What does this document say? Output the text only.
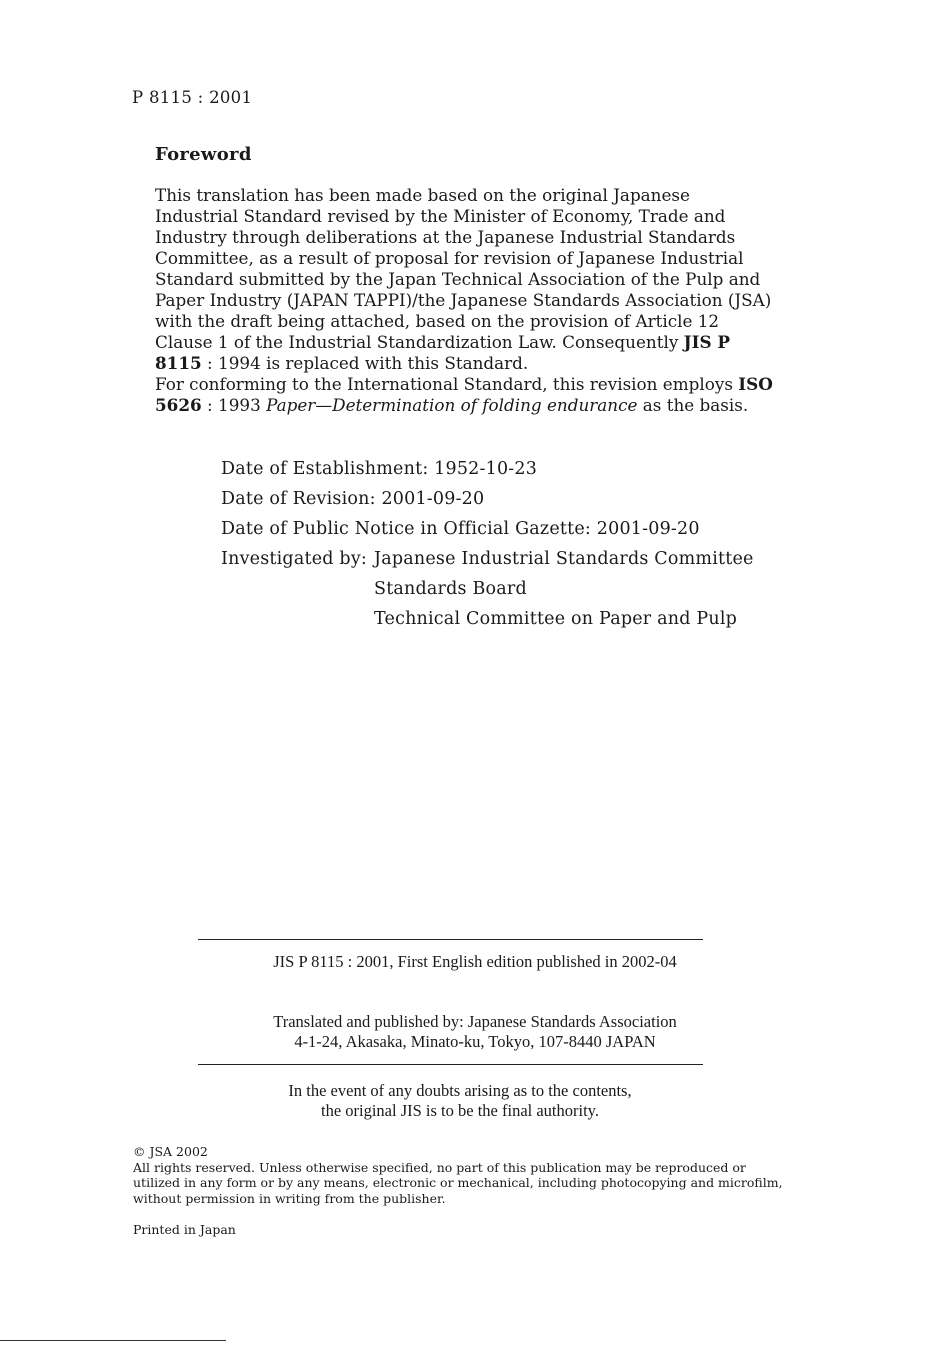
P 8115 : 2001
Foreword
This translation has been made based on the original Japanese Industrial Standard revised by the Minister of Economy, Trade and Industry through deliberations at the Japanese Industrial Standards Committee, as a result of proposal for revision of Japanese Industrial Standard submitted by the Japan Technical Association of the Pulp and Paper Industry (JAPAN TAPPI)/the Japanese Standards Association (JSA) with the draft being attached, based on the provision of Article 12 Clause 1 of the Industrial Standardization Law. Consequently JIS P 8115 : 1994 is replaced with this Standard.
For conforming to the International Standard, this revision employs ISO 5626 : 1993 Paper—Determination of folding endurance as the basis.
Date of Establishment: 1952-10-23
Date of Revision: 2001-09-20
Date of Public Notice in Official Gazette: 2001-09-20
Investigated by: Japanese Industrial Standards Committee
Standards Board
Technical Committee on Paper and Pulp
JIS P 8115 : 2001, First English edition published in 2002-04
Translated and published by: Japanese Standards Association
4-1-24, Akasaka, Minato-ku, Tokyo, 107-8440 JAPAN
In the event of any doubts arising as to the contents,
the original JIS is to be the final authority.
© JSA 2002
All rights reserved. Unless otherwise specified, no part of this publication may be reproduced or utilized in any form or by any means, electronic or mechanical, including photocopying and microfilm, without permission in writing from the publisher.
Printed in Japan
